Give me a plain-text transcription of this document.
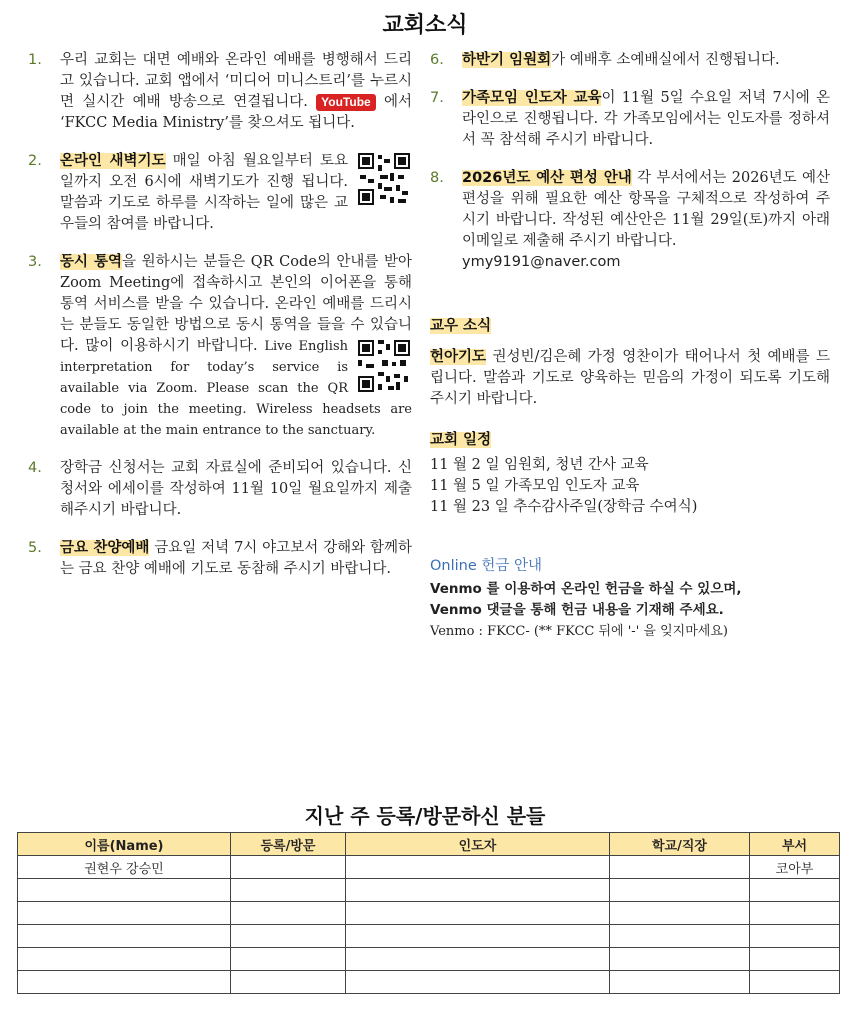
교회소식
1.	우리 교회는 대면 예배와 온라인 예배를 병행해서 드리고 있습니다. 교회 앱에서 ‘미디어 미니스트리’를 누르시면 실시간 예배 방송으로 연결됩니다. YouTube 에서 ‘FKCC Media Ministry’를 찾으셔도 됩니다.
2.	온라인 새벽기도 매일 아침 월요일부터 토요일까지 오전 6시에 새벽기도가 진행 됩니다. 말씀과 기도로 하루를 시작하는 일에 많은 교우들의 참여를 바랍니다.
3.	동시 통역을 원하시는 분들은 QR Code의 안내를 받아 Zoom Meeting에 접속하시고 본인의 이어폰을 통해 통역 서비스를 받을 수 있습니다. 온라인 예배를 드리시는 분들도 동일한 방법으로 동시 통역을 들을 수 있습니다. 많이 이용하시기 바랍니다. Live English interpretation for today’s service is available via Zoom. Please scan the QR code to join the meeting. Wireless headsets are available at the main entrance to the sanctuary.
4.	장학금 신청서는 교회 자료실에 준비되어 있습니다. 신청서와 에세이를 작성하여 11월 10일 월요일까지 제출해주시기 바랍니다.
5.	금요 찬양예배 금요일 저녁 7시 야고보서 강해와 함께하는 금요 찬양 예배에 기도로 동참해 주시기 바랍니다.
6.	하반기 임원회가 예배후 소예배실에서 진행됩니다.
7.	가족모임 인도자 교육이 11월 5일 수요일 저녁 7시에 온라인으로 진행됩니다. 각 가족모임에서는 인도자를 정하셔서 꼭 참석해 주시기 바랍니다.
8.	2026년도 예산 편성 안내 각 부서에서는 2026년도 예산 편성을 위해 필요한 예산 항목을 구체적으로 작성하여 주시기 바랍니다. 작성된 예산안은 11월 29일(토)까지 아래 이메일로 제출해 주시기 바랍니다.
ymy9191@naver.com
교우 소식
헌아기도 권성빈/김은혜 가정 영찬이가 태어나서 첫 예배를 드립니다. 말씀과 기도로 양육하는 믿음의 가정이 되도록 기도해 주시기 바랍니다.
교회 일정
11 월 2 일 임원회, 청년 간사 교육
11 월 5 일 가족모임 인도자 교육
11 월 23 일 추수감사주일(장학금 수여식)
Online 헌금 안내
Venmo 를 이용하여 온라인 헌금을 하실 수 있으며,
Venmo 댓글을 통해 헌금 내용을 기재해 주세요.
Venmo : FKCC- (** FKCC 뒤에 '-' 을 잊지마세요)
지난 주 등록/방문하신 분들
이름(Name)	등록/방문	인도자	학교/직장	부서
권현우 강승민				코아부
